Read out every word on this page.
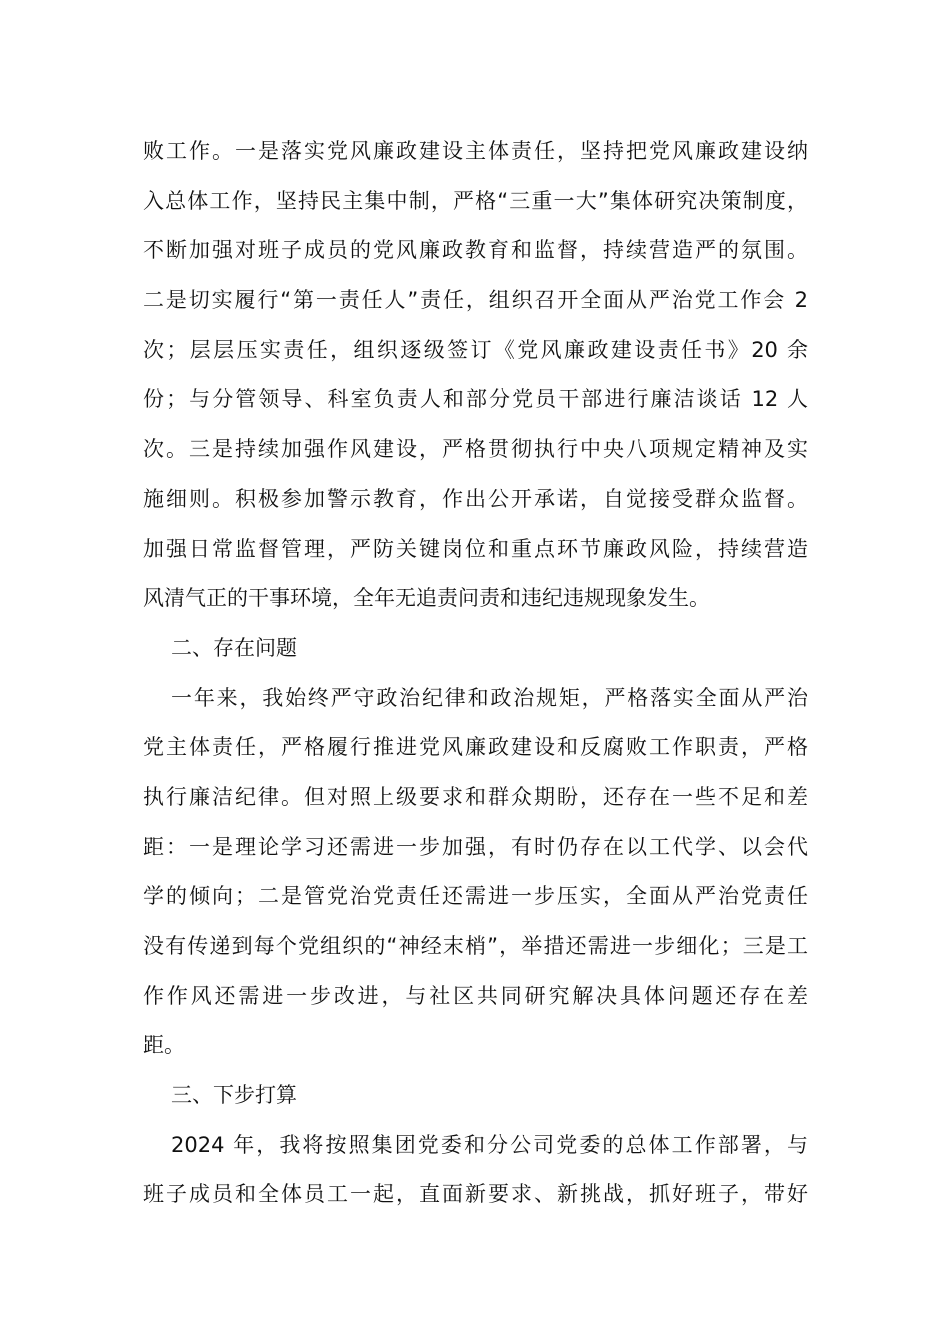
败工作。一是落实党风廉政建设主体责任，坚持把党风廉政建设纳
入总体工作，坚持民主集中制，严格“三重一大”集体研究决策制度，
不断加强对班子成员的党风廉政教育和监督，持续营造严的氛围。
二是切实履行“第一责任人”责任，组织召开全面从严治党工作会 2
次；层层压实责任，组织逐级签订《党风廉政建设责任书》20 余
份；与分管领导、科室负责人和部分党员干部进行廉洁谈话 12 人
次。三是持续加强作风建设，严格贯彻执行中央八项规定精神及实
施细则。积极参加警示教育，作出公开承诺，自觉接受群众监督。
加强日常监督管理，严防关键岗位和重点环节廉政风险，持续营造
风清气正的干事环境，全年无追责问责和违纪违规现象发生。
二、存在问题
一年来，我始终严守政治纪律和政治规矩，严格落实全面从严治
党主体责任，严格履行推进党风廉政建设和反腐败工作职责，严格
执行廉洁纪律。但对照上级要求和群众期盼，还存在一些不足和差
距：一是理论学习还需进一步加强，有时仍存在以工代学、以会代
学的倾向；二是管党治党责任还需进一步压实，全面从严治党责任
没有传递到每个党组织的“神经末梢”，举措还需进一步细化；三是工
作作风还需进一步改进，与社区共同研究解决具体问题还存在差
距。
三、下步打算
2024 年，我将按照集团党委和分公司党委的总体工作部署，与
班子成员和全体员工一起，直面新要求、新挑战，抓好班子，带好
